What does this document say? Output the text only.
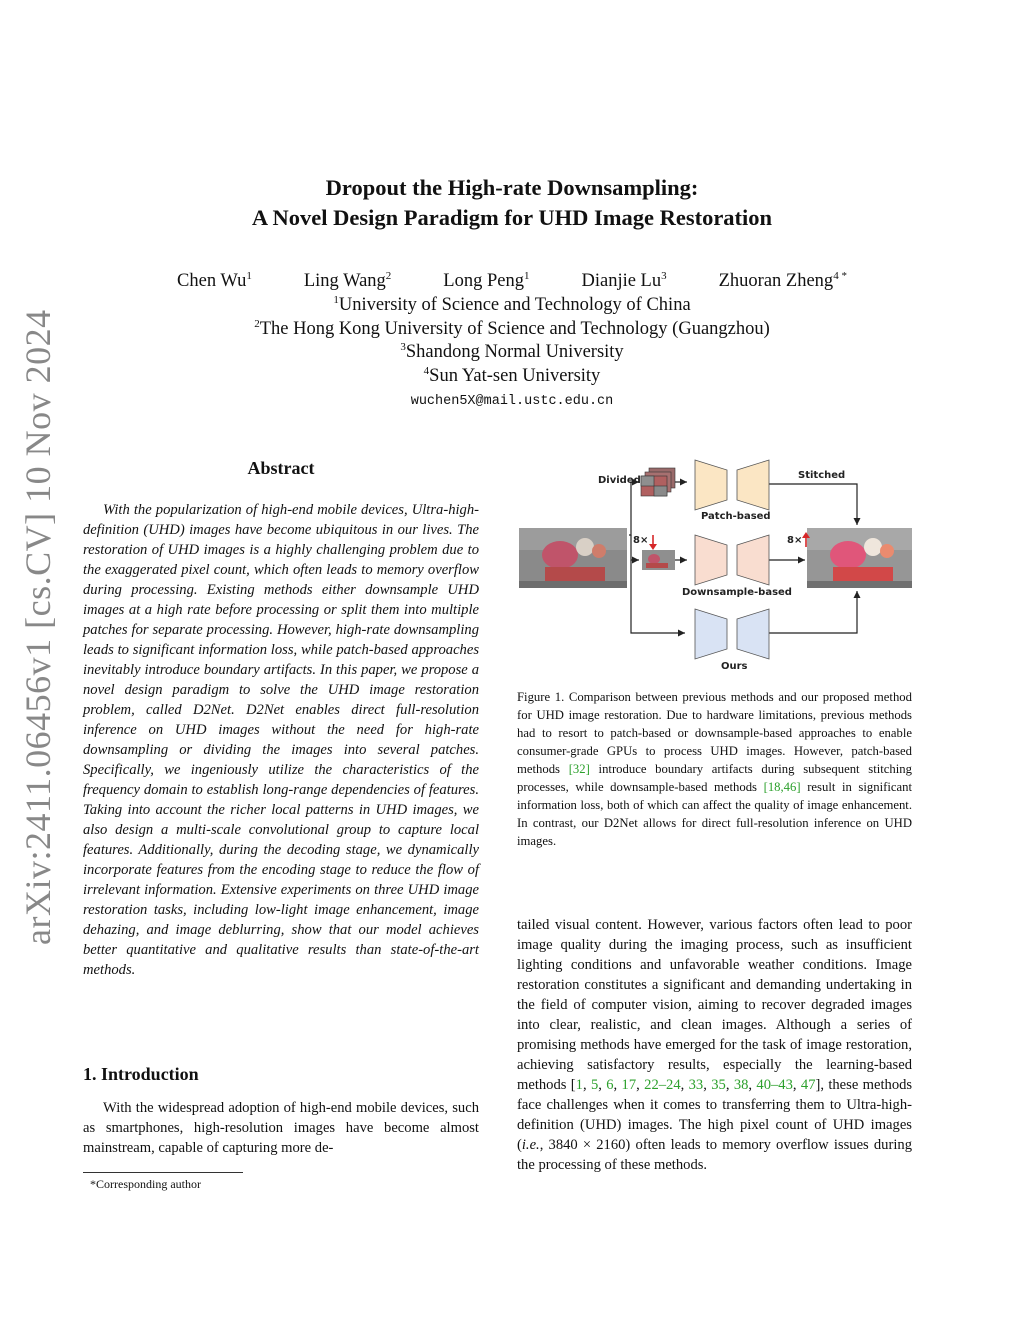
arXiv:2411.06456v1 [cs.CV] 10 Nov 2024
Dropout the High-rate Downsampling:
A Novel Design Paradigm for UHD Image Restoration
Chen Wu$^1$	Ling Wang$^2$	Long Peng$^1$	Dianjie Lu$^3$	Zhuoran Zheng$^{4 *}$
$^1$University of Science and Technology of China
$^2$The Hong Kong University of Science and Technology (Guangzhou)
$^3$Shandong Normal University
$^4$Sun Yat-sen University
wuchen5X@mail.ustc.edu.cn
Abstract
With the popularization of high-end mobile devices, Ultra-high-definition (UHD) images have become ubiquitous in our lives. The restoration of UHD images is a highly challenging problem due to the exaggerated pixel count, which often leads to memory overflow during processing. Existing methods either downsample UHD images at a high rate before processing or split them into multiple patches for separate processing. However, high-rate downsampling leads to significant information loss, while patch-based approaches inevitably introduce boundary artifacts. In this paper, we propose a novel design paradigm to solve the UHD image restoration problem, called D2Net. D2Net enables direct full-resolution inference on UHD images without the need for high-rate downsampling or dividing the images into several patches. Specifically, we ingeniously utilize the characteristics of the frequency domain to establish long-range dependencies of features. Taking into account the richer local patterns in UHD images, we also design a multi-scale convolutional group to capture local features. Additionally, during the decoding stage, we dynamically incorporate features from the encoding stage to reduce the flow of irrelevant information. Extensive experiments on three UHD image restoration tasks, including low-light image enhancement, image dehazing, and image deblurring, show that our model achieves better quantitative and qualitative results than state-of-the-art methods.
1. Introduction
With the widespread adoption of high-end mobile devices, such as smartphones, high-resolution images have become almost mainstream, capable of capturing more de-
*Corresponding author
Divided	Stitched
Patch-based
8×	8×
Downsample-based
Ours
Figure 1. Comparison between previous methods and our proposed method for UHD image restoration. Due to hardware limitations, previous methods had to resort to patch-based or downsample-based approaches to enable consumer-grade GPUs to process UHD images. However, patch-based methods [32] introduce boundary artifacts during subsequent stitching processes, while downsample-based methods [18,46] result in significant information loss, both of which can affect the quality of image enhancement. In contrast, our D2Net allows for direct full-resolution inference on UHD images.
tailed visual content. However, various factors often lead to poor image quality during the imaging process, such as insufficient lighting conditions and unfavorable weather conditions. Image restoration constitutes a significant and demanding undertaking in the field of computer vision, aiming to recover degraded images into clear, realistic, and clean images. Although a series of promising methods have emerged for the task of image restoration, achieving satisfactory results, especially the learning-based methods [1, 5, 6, 17, 22–24, 33, 35, 38, 40–43, 47], these methods face challenges when it comes to transferring them to Ultra-high-definition (UHD) images. The high pixel count of UHD images (i.e., 3840 × 2160) often leads to memory overflow issues during the processing of these methods.
